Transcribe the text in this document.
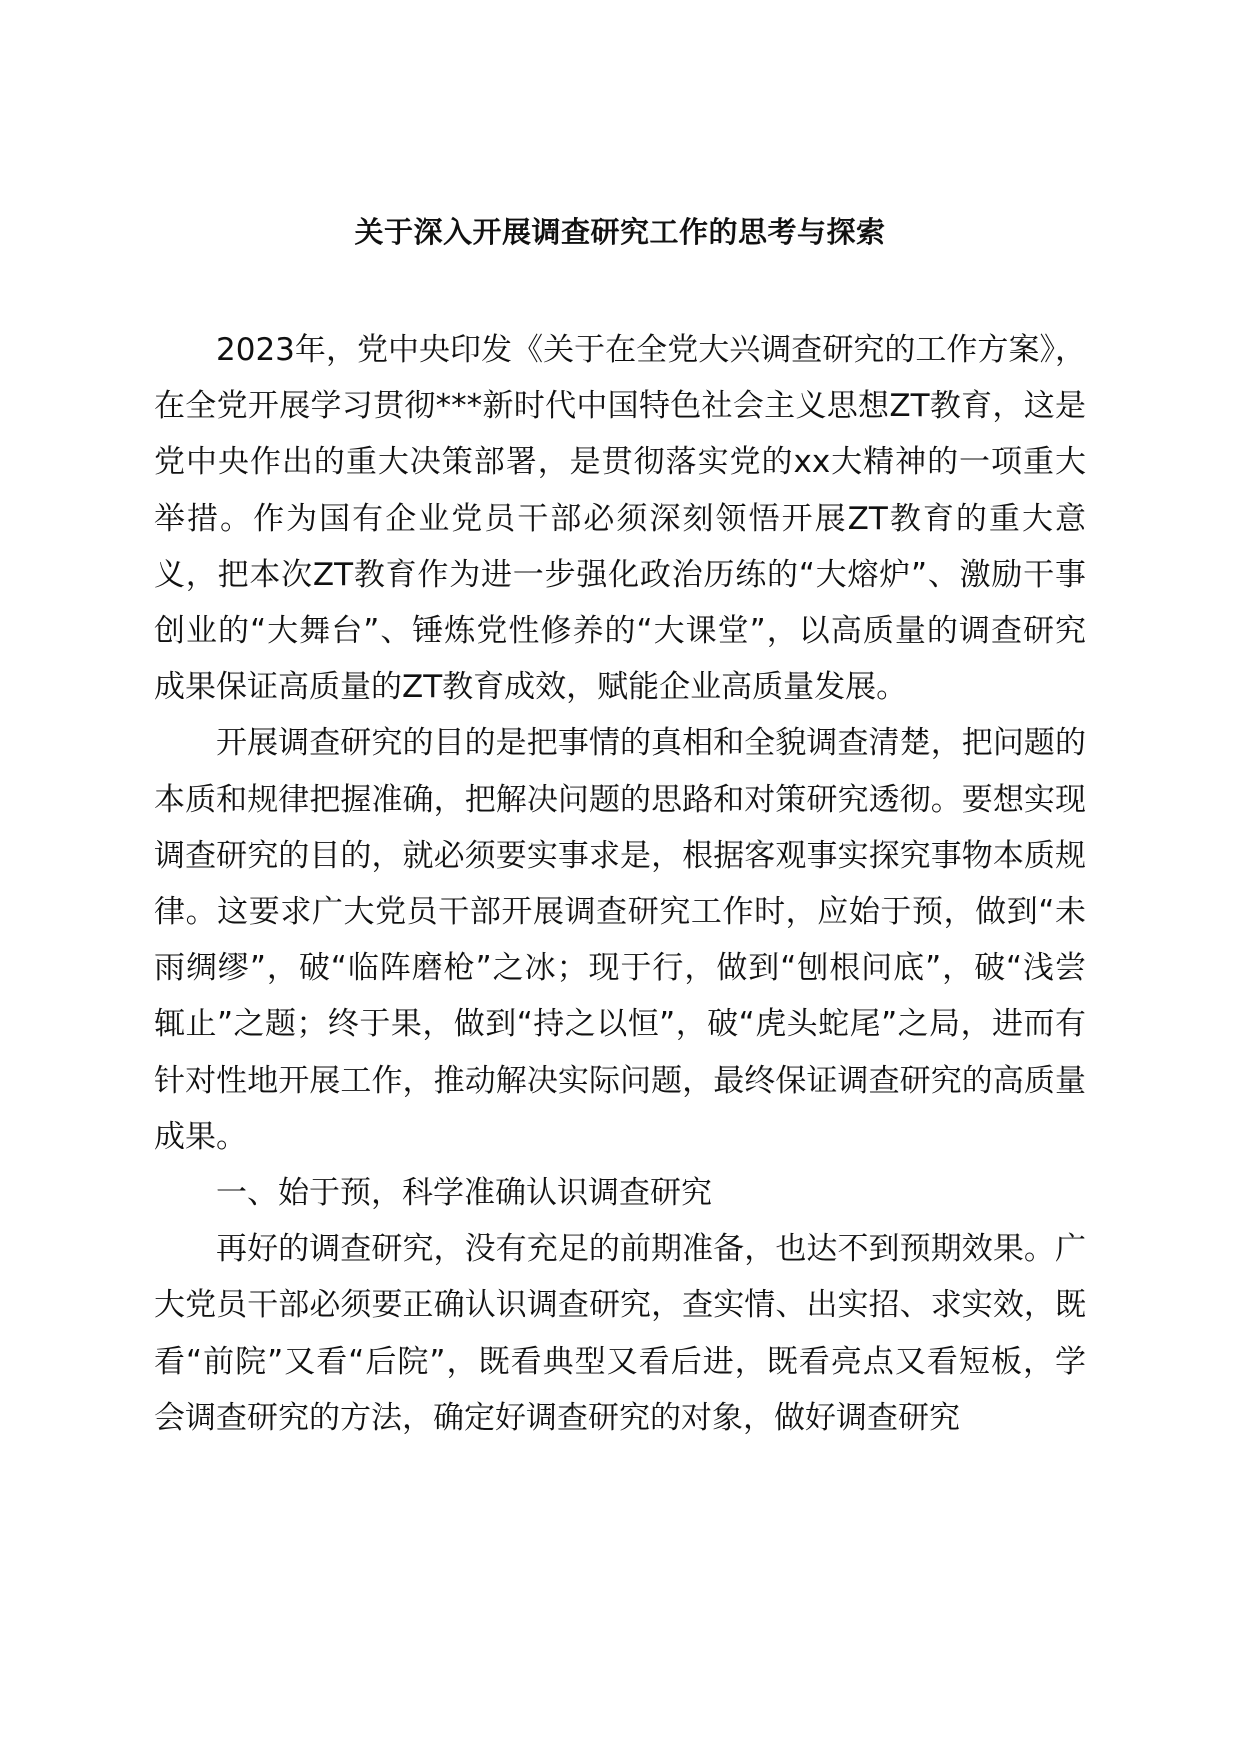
关于深入开展调查研究工作的思考与探索

2023年，党中央印发《关于在全党大兴调查研究的工作方案》，在全党开展学习贯彻***新时代中国特色社会主义思想ZT教育，这是党中央作出的重大决策部署，是贯彻落实党的xx大精神的一项重大举措。作为国有企业党员干部必须深刻领悟开展ZT教育的重大意义，把本次ZT教育作为进一步强化政治历练的“大熔炉”、激励干事创业的“大舞台”、锤炼党性修养的“大课堂”，以高质量的调查研究成果保证高质量的ZT教育成效，赋能企业高质量发展。

开展调查研究的目的是把事情的真相和全貌调查清楚，把问题的本质和规律把握准确，把解决问题的思路和对策研究透彻。要想实现调查研究的目的，就必须要实事求是，根据客观事实探究事物本质规律。这要求广大党员干部开展调查研究工作时，应始于预，做到“未雨绸缪”，破“临阵磨枪”之冰；现于行，做到“刨根问底”，破“浅尝辄止”之题；终于果，做到“持之以恒”，破“虎头蛇尾”之局，进而有针对性地开展工作，推动解决实际问题，最终保证调查研究的高质量成果。

一、始于预，科学准确认识调查研究

再好的调查研究，没有充足的前期准备，也达不到预期效果。广大党员干部必须要正确认识调查研究，查实情、出实招、求实效，既看“前院”又看“后院”，既看典型又看后进，既看亮点又看短板，学会调查研究的方法，确定好调查研究的对象，做好调查研究
